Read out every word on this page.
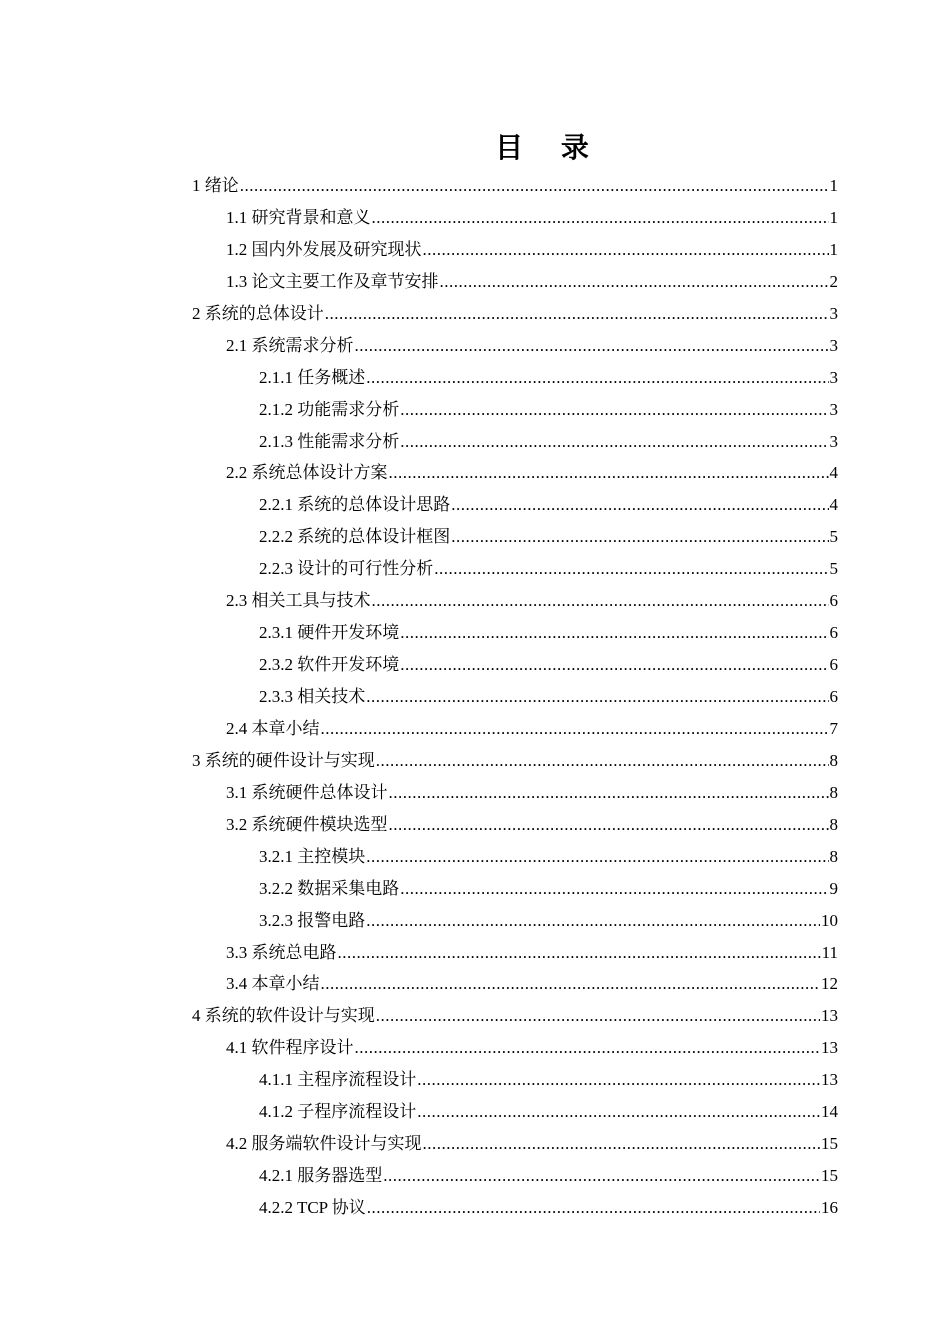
目 录
1 绪论 .....	1
1.1 研究背景和意义 .....	1
1.2 国内外发展及研究现状 .....	1
1.3 论文主要工作及章节安排 .....	2
2 系统的总体设计 .....	3
2.1 系统需求分析 .....	3
2.1.1 任务概述 .....	3
2.1.2 功能需求分析 .....	3
2.1.3 性能需求分析 .....	3
2.2 系统总体设计方案 .....	4
2.2.1 系统的总体设计思路 .....	4
2.2.2 系统的总体设计框图 .....	5
2.2.3 设计的可行性分析 .....	5
2.3 相关工具与技术 .....	6
2.3.1 硬件开发环境 .....	6
2.3.2 软件开发环境 .....	6
2.3.3 相关技术 .....	6
2.4 本章小结 .....	7
3 系统的硬件设计与实现 .....	8
3.1 系统硬件总体设计 .....	8
3.2 系统硬件模块选型 .....	8
3.2.1 主控模块 .....	8
3.2.2 数据采集电路 .....	9
3.2.3 报警电路 .....	10
3.3 系统总电路 .....	11
3.4 本章小结 .....	12
4 系统的软件设计与实现 .....	13
4.1 软件程序设计 .....	13
4.1.1 主程序流程设计 .....	13
4.1.2 子程序流程设计 .....	14
4.2 服务端软件设计与实现 .....	15
4.2.1 服务器选型 .....	15
4.2.2 TCP 协议 .....	16
